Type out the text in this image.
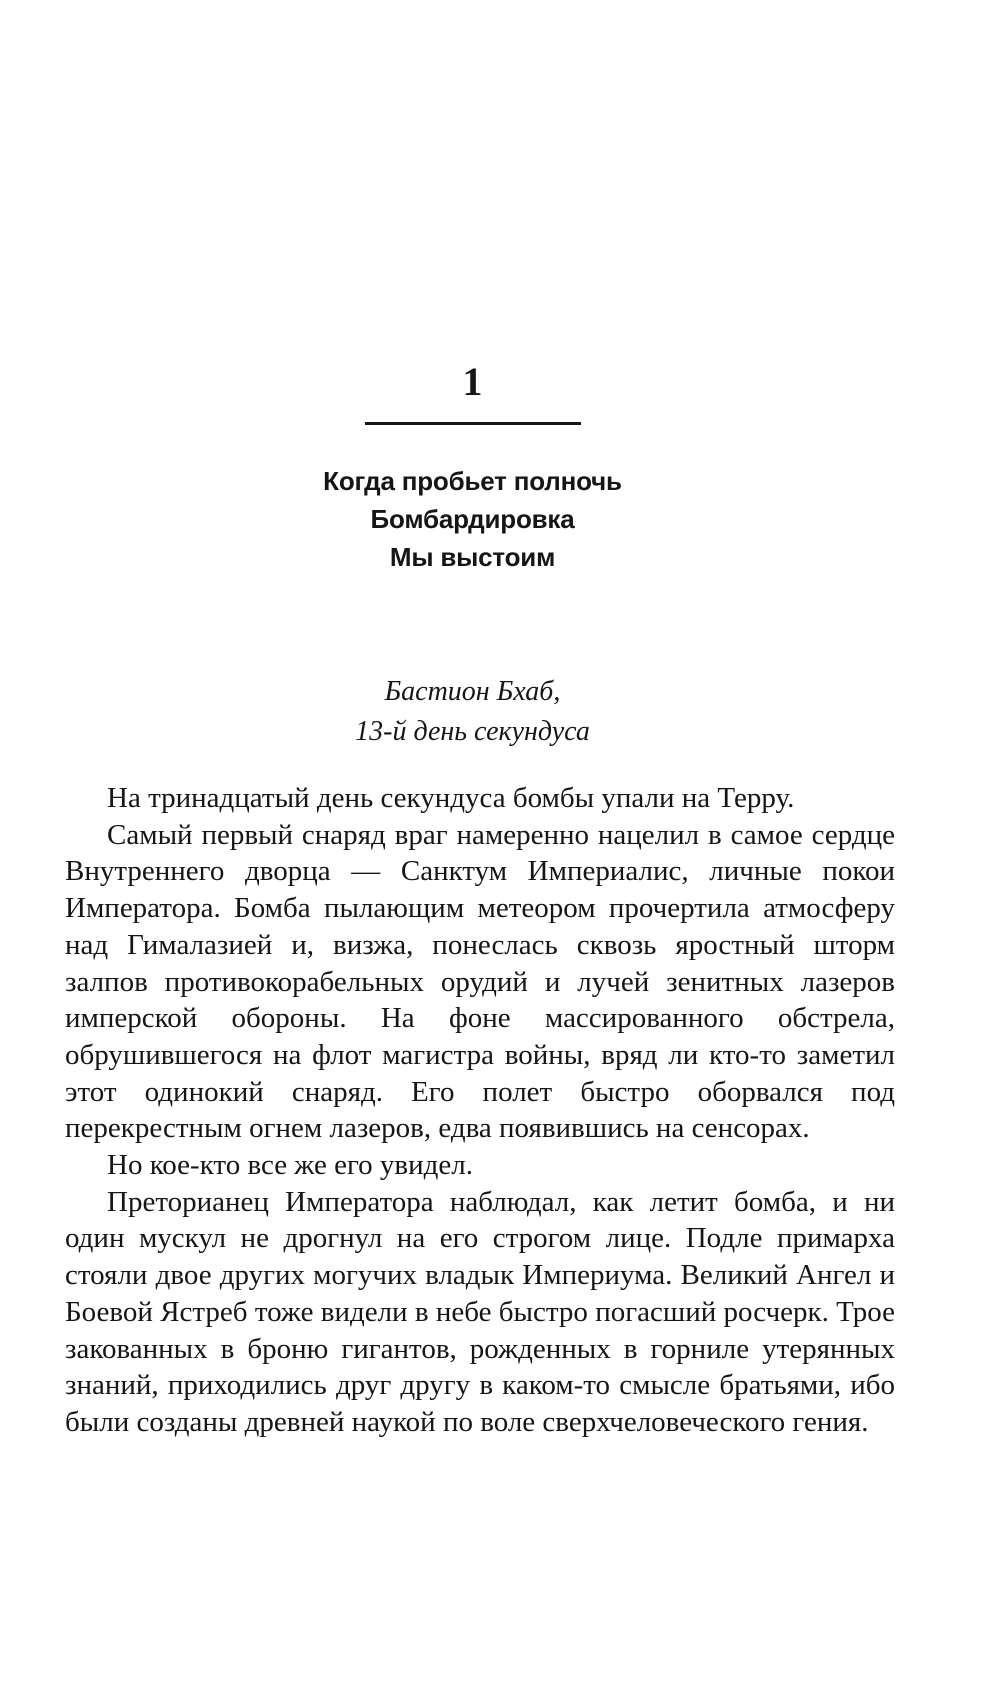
1
Когда пробьет полночь
Бомбардировка
Мы выстоим
Бастион Бхаб,
13-й день секундуса

На тринадцатый день секундуса бомбы упали на Терру.

Самый первый снаряд враг намеренно нацелил в самое сердце Внутреннего дворца — Санктум Империалис, личные покои Императора. Бомба пылающим метеором прочертила атмосферу над Гималазией и, визжа, понеслась сквозь яростный шторм залпов противокорабельных орудий и лучей зенитных лазеров имперской обороны. На фоне массированного обстрела, обрушившегося на флот магистра войны, вряд ли кто-то заметил этот одинокий снаряд. Его полет быстро оборвался под перекрестным огнем лазеров, едва появившись на сенсорах.

Но кое-кто все же его увидел.

Преторианец Императора наблюдал, как летит бомба, и ни один мускул не дрогнул на его строгом лице. Подле примарха стояли двое других могучих владык Империума. Великий Ангел и Боевой Ястреб тоже видели в небе быстро погасший росчерк. Трое закованных в броню гигантов, рожденных в горниле утерянных знаний, приходились друг другу в каком-то смысле братьями, ибо были созданы древней наукой по воле сверхчеловеческого гения.
